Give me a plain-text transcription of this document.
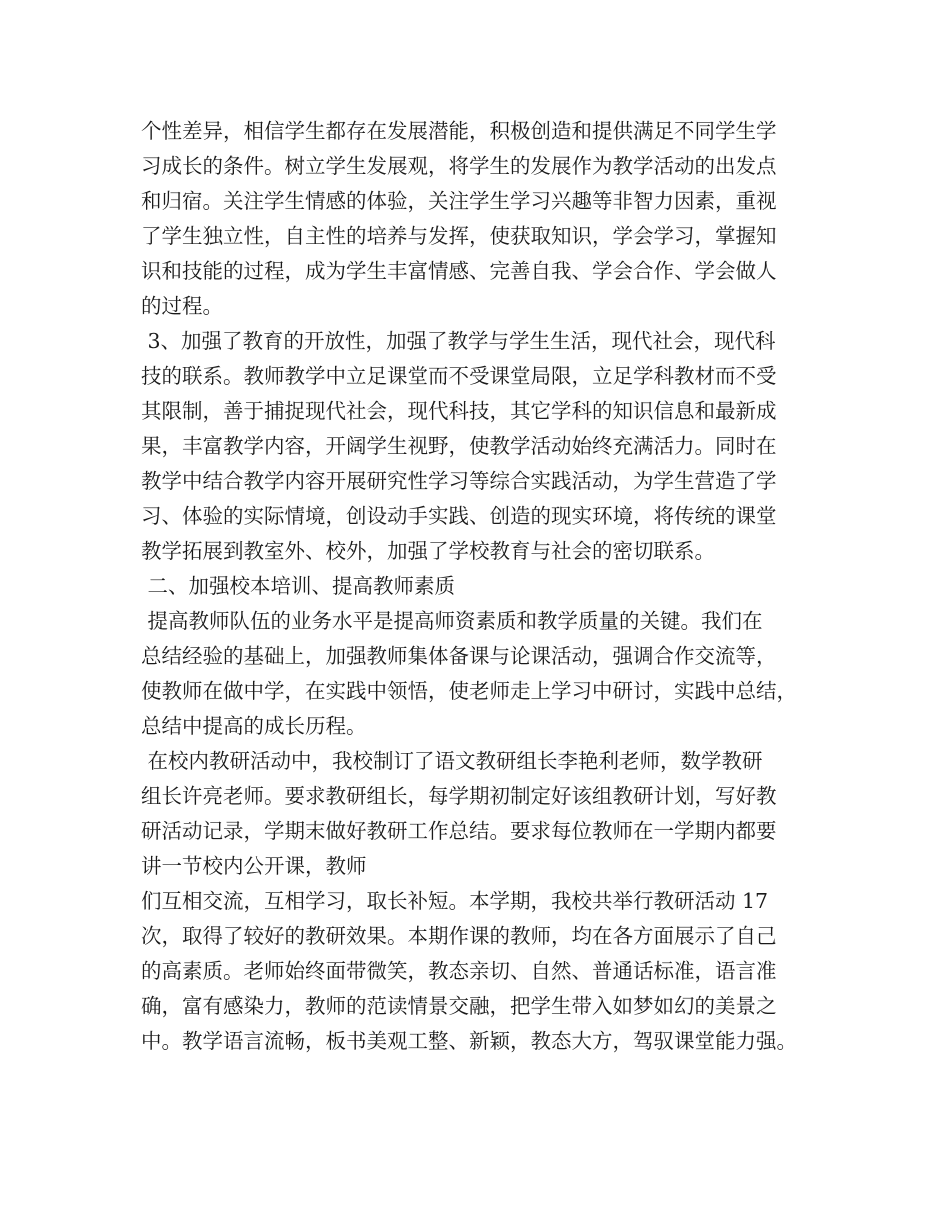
个性差异，相信学生都存在发展潜能，积极创造和提供满足不同学生学
习成长的条件。树立学生发展观，将学生的发展作为教学活动的出发点
和归宿。关注学生情感的体验，关注学生学习兴趣等非智力因素，重视
了学生独立性，自主性的培养与发挥，使获取知识，学会学习，掌握知
识和技能的过程，成为学生丰富情感、完善自我、学会合作、学会做人
的过程。
3、加强了教育的开放性，加强了教学与学生生活，现代社会，现代科
技的联系。教师教学中立足课堂而不受课堂局限，立足学科教材而不受
其限制，善于捕捉现代社会，现代科技，其它学科的知识信息和最新成
果，丰富教学内容，开阔学生视野，使教学活动始终充满活力。同时在
教学中结合教学内容开展研究性学习等综合实践活动，为学生营造了学
习、体验的实际情境，创设动手实践、创造的现实环境，将传统的课堂
教学拓展到教室外、校外，加强了学校教育与社会的密切联系。
二、加强校本培训、提高教师素质
提高教师队伍的业务水平是提高师资素质和教学质量的关键。我们在
总结经验的基础上，加强教师集体备课与论课活动，强调合作交流等，
使教师在做中学，在实践中领悟，使老师走上学习中研讨，实践中总结，
总结中提高的成长历程。
在校内教研活动中，我校制订了语文教研组长李艳利老师，数学教研
组长许亮老师。要求教研组长，每学期初制定好该组教研计划，写好教
研活动记录，学期末做好教研工作总结。要求每位教师在一学期内都要
讲一节校内公开课，教师
们互相交流，互相学习，取长补短。本学期，我校共举行教研活动 17
次，取得了较好的教研效果。本期作课的教师，均在各方面展示了自己
的高素质。老师始终面带微笑，教态亲切、自然、普通话标准，语言准
确，富有感染力，教师的范读情景交融，把学生带入如梦如幻的美景之
中。教学语言流畅，板书美观工整、新颖，教态大方，驾驭课堂能力强。
